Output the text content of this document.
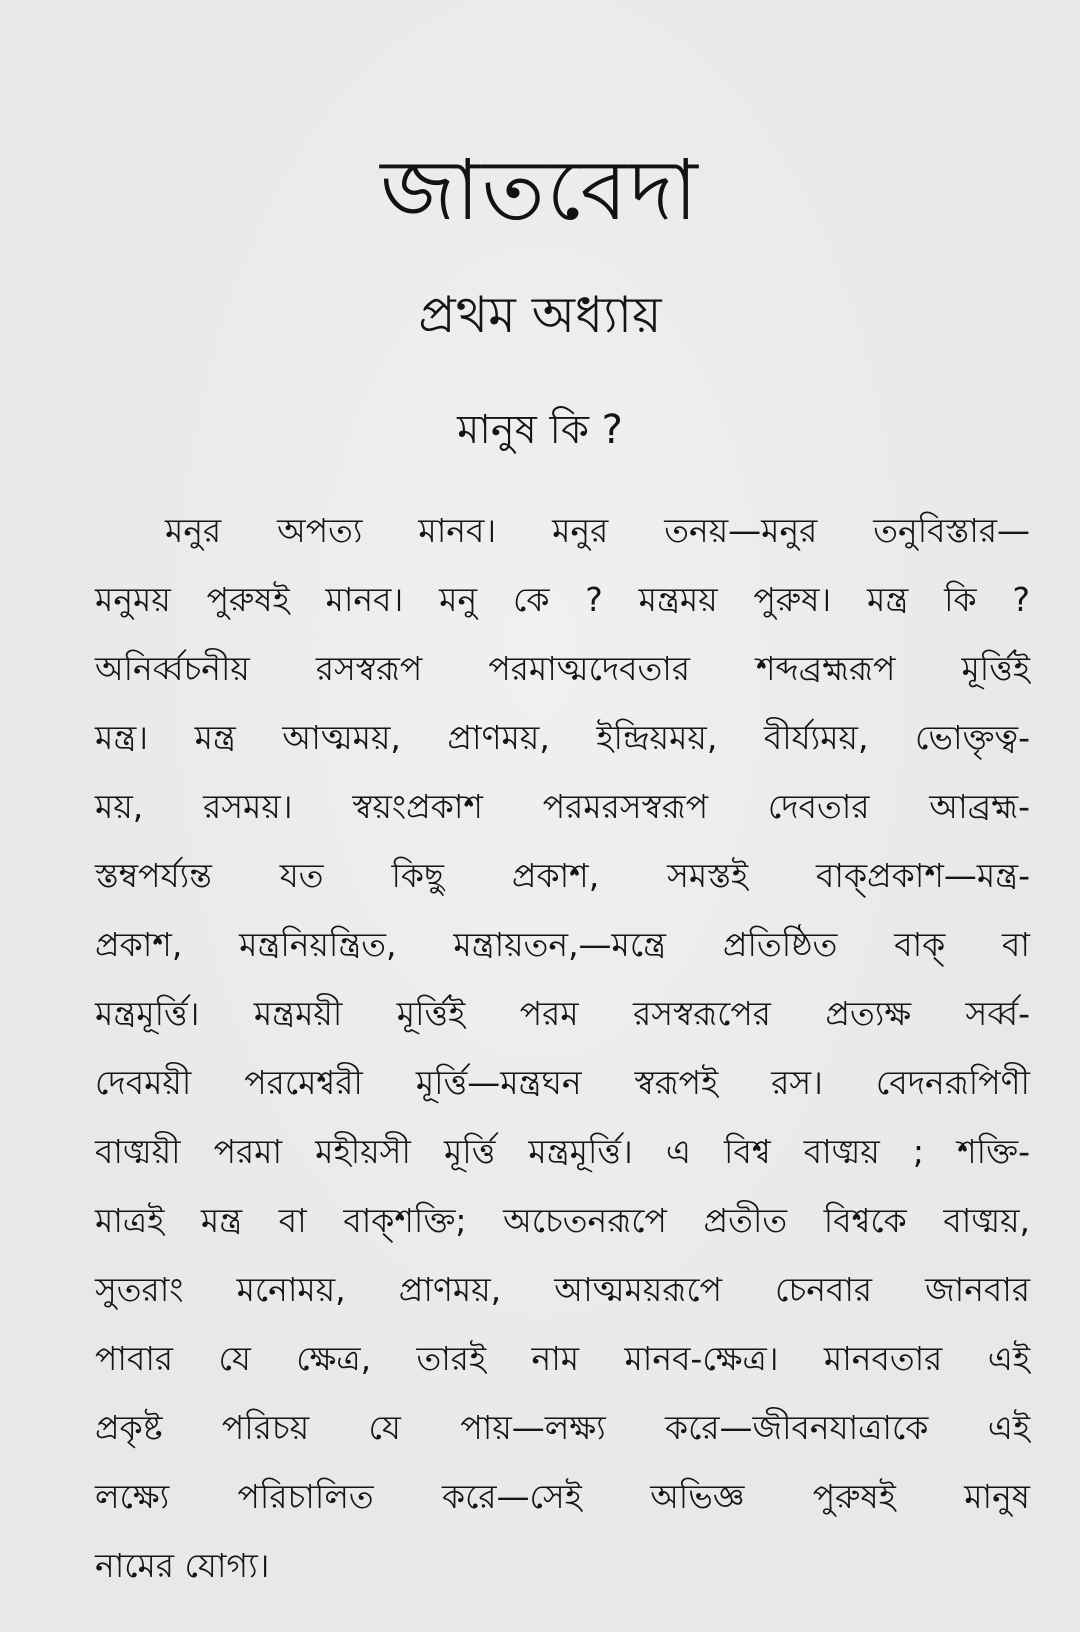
জাতবেদা
প্রথম অধ্যায়
মানুষ কি ?
মনুর অপত্য মানব। মনুর তনয়—মনুর তনুবিস্তার—
মনুময় পুরুষই মানব। মনু কে ? মন্ত্রময় পুরুষ। মন্ত্র কি ?
অনির্ব্বচনীয় রসস্বরূপ পরমাত্মদেবতার শব্দব্রহ্মরূপ মূর্ত্তিই
মন্ত্র। মন্ত্র আত্মময়, প্রাণময়, ইন্দ্রিয়ময়, বীর্য্যময়, ভোক্তৃত্ব-
ময়, রসময়। স্বয়ংপ্রকাশ পরমরসস্বরূপ দেবতার আব্রহ্ম-
স্তম্বপর্য্যন্ত যত কিছু প্রকাশ, সমস্তই বাক্‌প্রকাশ—মন্ত্র-
প্রকাশ, মন্ত্রনিয়ন্ত্রিত, মন্ত্রায়তন,—মন্ত্রে প্রতিষ্ঠিত বাক্‌ বা
মন্ত্রমূর্ত্তি। মন্ত্রময়ী মূর্ত্তিই পরম রসস্বরূপের প্রত্যক্ষ সর্ব্ব-
দেবময়ী পরমেশ্বরী মূর্ত্তি—মন্ত্রঘন স্বরূপই রস। বেদনরূপিণী
বাঙ্ময়ী পরমা মহীয়সী মূর্ত্তি মন্ত্রমূর্ত্তি। এ বিশ্ব বাঙ্ময় ; শক্তি-
মাত্রই মন্ত্র বা বাক্‌শক্তি; অচেতনরূপে প্রতীত বিশ্বকে বাঙ্ময়,
সুতরাং মনোময়, প্রাণময়, আত্মময়রূপে চেনবার জানবার
পাবার যে ক্ষেত্র, তারই নাম মানব-ক্ষেত্র। মানবতার এই
প্রকৃষ্ট পরিচয় যে পায়—লক্ষ্য করে—জীবনযাত্রাকে এই
লক্ষ্যে পরিচালিত করে—সেই অভিজ্ঞ পুরুষই মানুষ
নামের যোগ্য।
